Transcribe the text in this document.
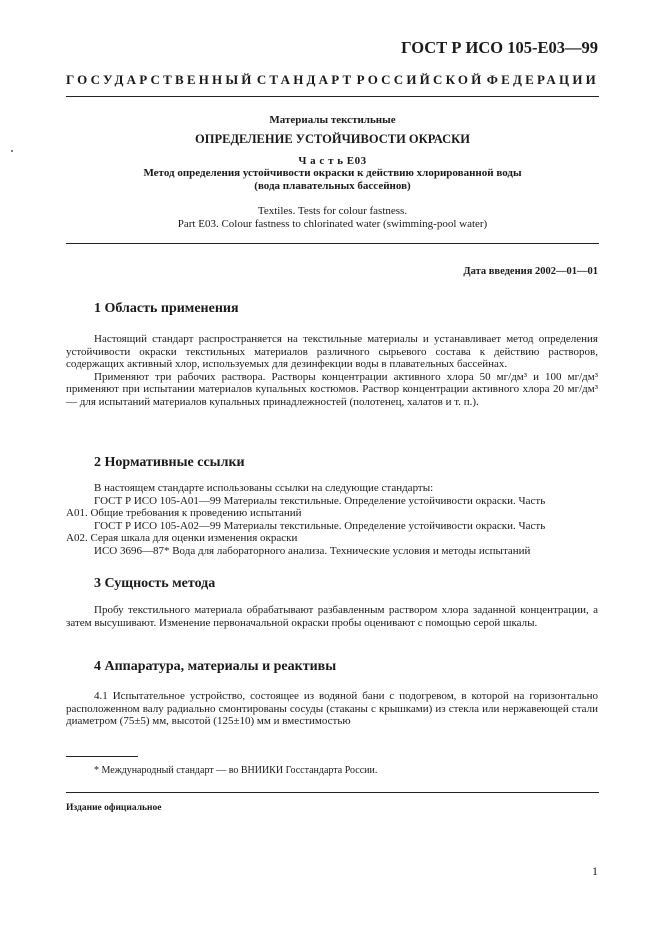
ГОСТ Р ИСО 105-Е03—99
ГОСУДАРСТВЕННЫЙ СТАНДАРТ РОССИЙСКОЙ ФЕДЕРАЦИИ
Материалы текстильные
ОПРЕДЕЛЕНИЕ УСТОЙЧИВОСТИ ОКРАСКИ
Ч а с т ь Е03
Метод определения устойчивости окраски к действию хлорированной воды
(вода плавательных бассейнов)
Textiles. Tests for colour fastness.
Part E03. Colour fastness to chlorinated water (swimming-pool water)
Дата введения 2002—01—01
1 Область применения

Настоящий стандарт распространяется на текстильные материалы и устанавливает метод определения устойчивости окраски текстильных материалов различного сырьевого состава к действию растворов, содержащих активный хлор, используемых для дезинфекции воды в плавательных бассейнах.

Применяют три рабочих раствора. Растворы концентрации активного хлора 50 мг/дм³ и 100 мг/дм³ применяют при испытании материалов купальных костюмов. Раствор концентрации активного хлора 20 мг/дм³ — для испытаний материалов купальных принадлежностей (полотенец, халатов и т. п.).

2 Нормативные ссылки

В настоящем стандарте использованы ссылки на следующие стандарты:

ГОСТ Р ИСО 105-А01—99 Материалы текстильные. Определение устойчивости окраски. Часть

А01. Общие требования к проведению испытаний

ГОСТ Р ИСО 105-А02—99 Материалы текстильные. Определение устойчивости окраски. Часть

А02. Серая шкала для оценки изменения окраски

ИСО 3696—87* Вода для лабораторного анализа. Технические условия и методы испытаний

3 Сущность метода

Пробу текстильного материала обрабатывают разбавленным раствором хлора заданной концентрации, а затем высушивают. Изменение первоначальной окраски пробы оценивают с помощью серой шкалы.

4 Аппаратура, материалы и реактивы

4.1 Испытательное устройство, состоящее из водяной бани с подогревом, в которой на горизонтально расположенном валу радиально смонтированы сосуды (стаканы с крышками) из стекла или нержавеющей стали диаметром (75±5) мм, высотой (125±10) мм и вместимостью

* Международный стандарт — во ВНИИКИ Госстандарта России.
Издание официальное
1
